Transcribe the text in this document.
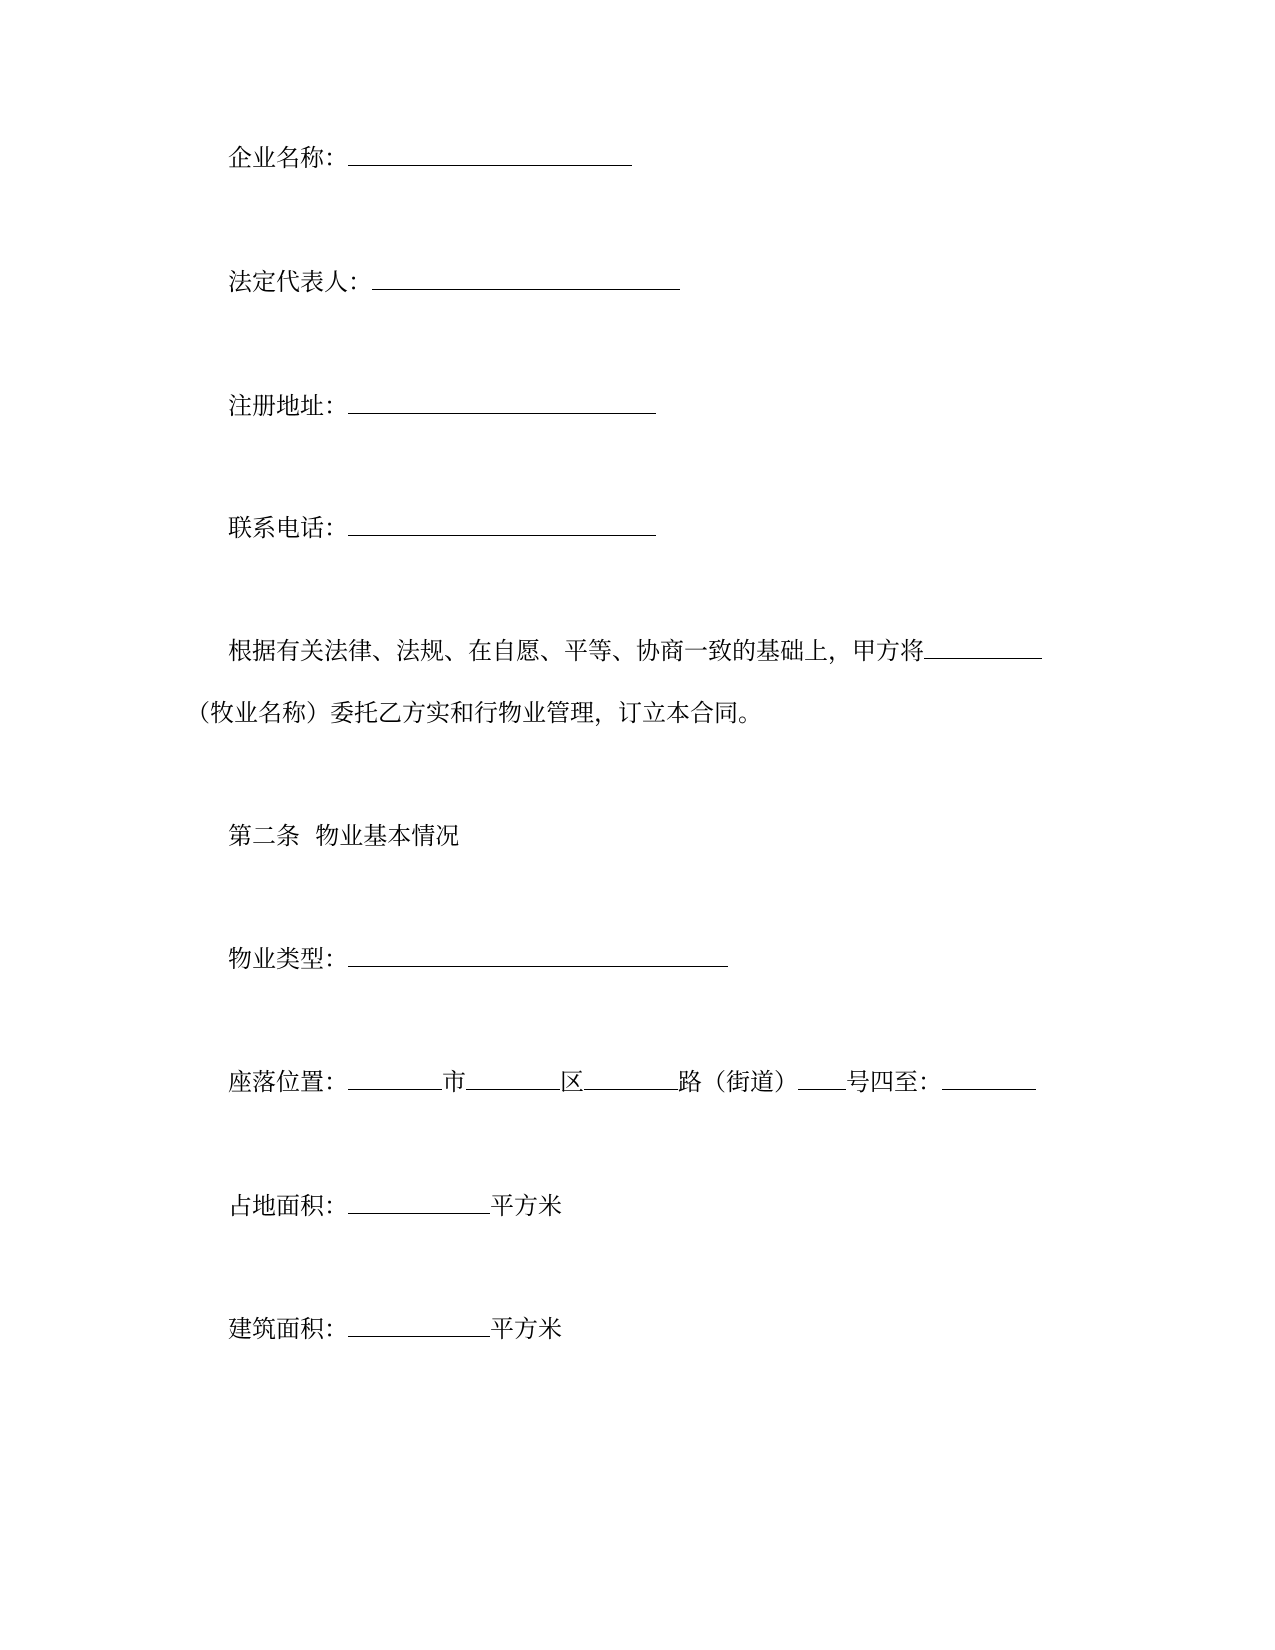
企业名称：
法定代表人：
注册地址：
联系电话：
根据有关法律、法规、在自愿、平等、协商一致的基础上，甲方将
（牧业名称）委托乙方实和行物业管理，订立本合同。
第二条  物业基本情况
物业类型：
座落位置：	市	区	路（街道） 号四至：
占地面积：	平方米
建筑面积：	平方米
